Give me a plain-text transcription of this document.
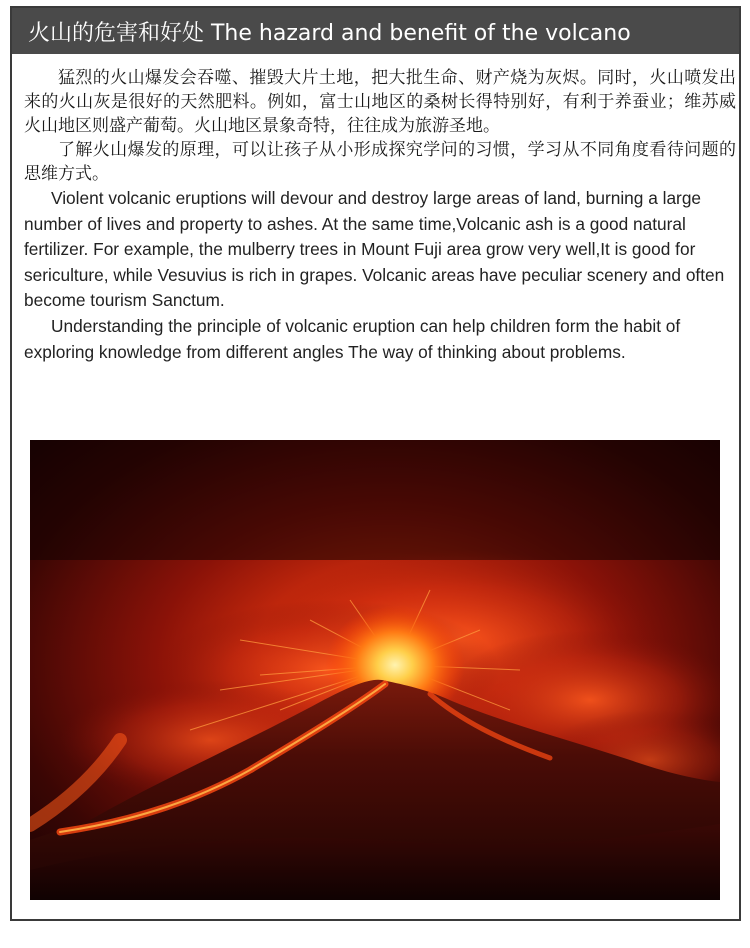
火山的危害和好处 The hazard and benefit of the volcano

猛烈的火山爆发会吞噬、摧毁大片土地，把大批生命、财产烧为灰烬。同时，火山喷发出来的火山灰是很好的天然肥料。例如，富士山地区的桑树长得特别好，有利于养蚕业；维苏威火山地区则盛产葡萄。火山地区景象奇特，往往成为旅游圣地。

了解火山爆发的原理，可以让孩子从小形成探究学问的习惯，学习从不同角度看待问题的思维方式。

Violent volcanic eruptions will devour and destroy large areas of land, burning a large number of lives and property to ashes. At the same time,Volcanic ash is a good natural fertilizer. For example, the mulberry trees in Mount Fuji area grow very well,It is good for sericulture, while Vesuvius is rich in grapes. Volcanic areas have peculiar scenery and often become tourism Sanctum.

Understanding the principle of volcanic eruption can help children form the habit of exploring knowledge from different angles The way of thinking about problems.
